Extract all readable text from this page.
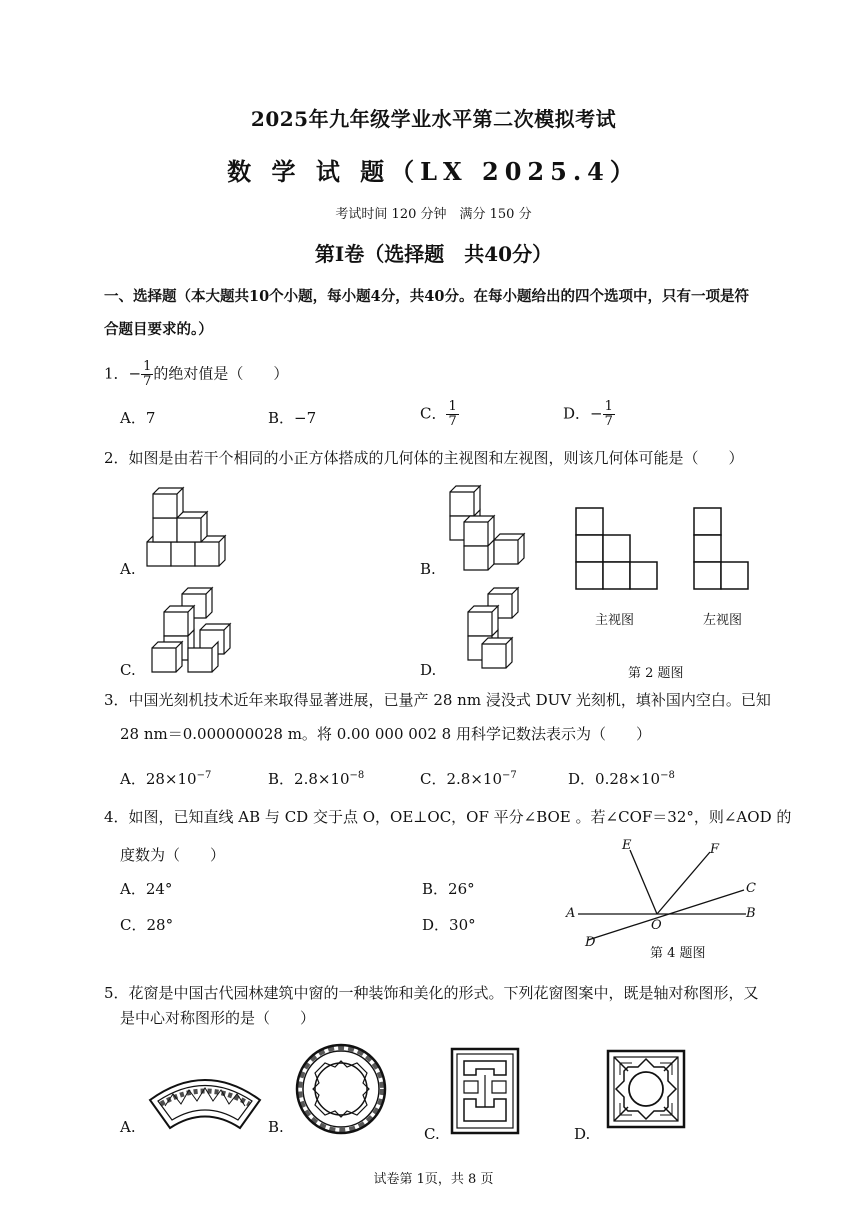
2025年九年级学业水平第二次模拟考试
数 学 试 题（LX 2025.4）
考试时间 120 分钟　满分 150 分
第Ⅰ卷（选择题　共40分）
一、选择题（本大题共10个小题，每小题4分，共40分。在每小题给出的四个选项中，只有一项是符
合题目要求的。）
1．− $\frac{1}{7}$ 的绝对值是（　　）
A．7	B．−7	C． $\frac{1}{7}$	D．− $\frac{1}{7}$
2．如图是由若干个相同的小正方体搭成的几何体的主视图和左视图，则该几何体可能是（　　）
A.	B.
主视图	左视图
C.	D.	第 2 题图
3．中国光刻机技术近年来取得显著进展，已量产 28 nm 浸没式 DUV 光刻机，填补国内空白。已知
28 nm＝0.000000028 m。将 0.00 000 002 8 用科学记数法表示为（　　）
A．$28\times 10^{-7}$	B．$2.8\times 10^{-8}$	C．$2.8\times 10^{-7}$	D．$0.28\times 10^{-8}$
4．如图，已知直线 AB 与 CD 交于点 O，OE⊥OC，OF 平分∠BOE 。若∠COF＝32°，则∠AOD 的
度数为（　　）
A．24°	B．26°
C．28°	D．30°
E	F
C
A
O
B
D
第 4 题图
5．花窗是中国古代园林建筑中窗的一种装饰和美化的形式。下列花窗图案中，既是轴对称图形，又
是中心对称图形的是（　　）
A.	B.	C.	D.
试卷第 1页，共 8 页
